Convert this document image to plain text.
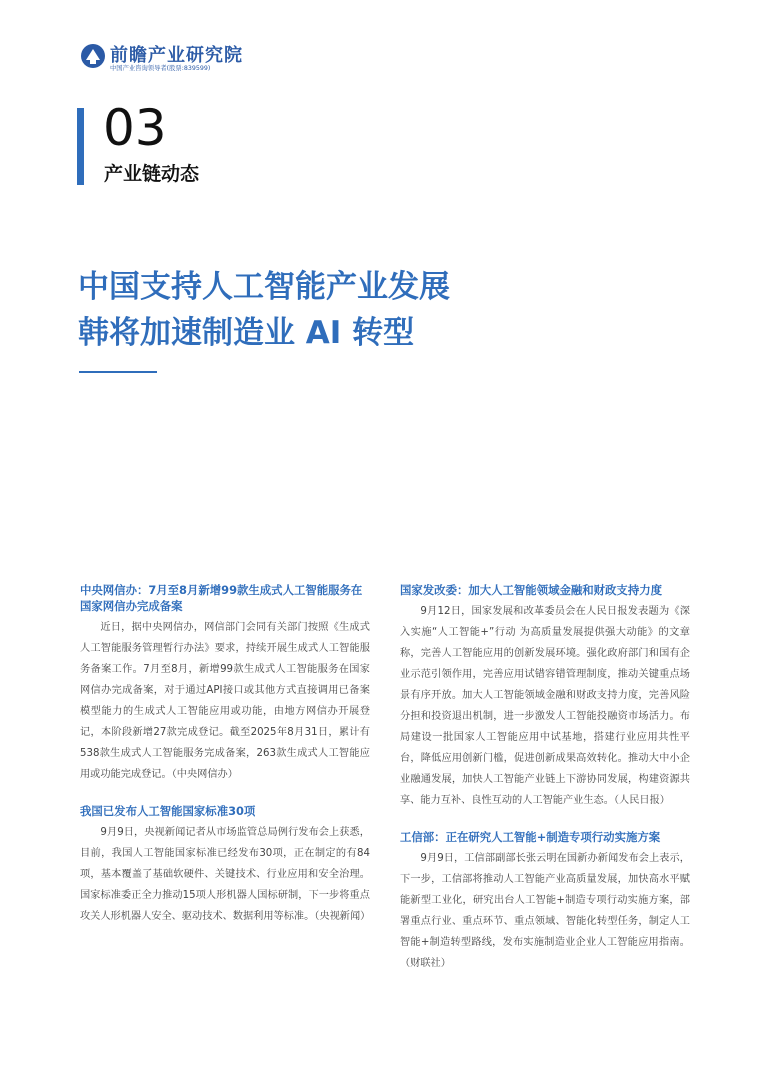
前瞻产业研究院
中国产业咨询领导者(股票:839599)
03
产业链动态
中国支持人工智能产业发展
韩将加速制造业 AI 转型
中央网信办：7月至8月新增99款生成式人工智能服务在国家网信办完成备案

近日，据中央网信办，网信部门会同有关部门按照《生成式人工智能服务管理暂行办法》要求，持续开展生成式人工智能服务备案工作。7月至8月，新增99款生成式人工智能服务在国家网信办完成备案，对于通过API接口或其他方式直接调用已备案模型能力的生成式人工智能应用或功能，由地方网信办开展登记，本阶段新增27款完成登记。截至2025年8月31日，累计有538款生成式人工智能服务完成备案，263款生成式人工智能应用或功能完成登记。（中央网信办）

我国已发布人工智能国家标准30项

9月9日，央视新闻记者从市场监管总局例行发布会上获悉，目前，我国人工智能国家标准已经发布30项，正在制定的有84项，基本覆盖了基础软硬件、关键技术、行业应用和安全治理。国家标准委正全力推动15项人形机器人国标研制，下一步将重点攻关人形机器人安全、驱动技术、数据利用等标准。（央视新闻）

国家发改委：加大人工智能领域金融和财政支持力度

9月12日，国家发展和改革委员会在人民日报发表题为《深入实施“人工智能+”行动 为高质量发展提供强大动能》的文章称，完善人工智能应用的创新发展环境。强化政府部门和国有企业示范引领作用，完善应用试错容错管理制度，推动关键重点场景有序开放。加大人工智能领域金融和财政支持力度，完善风险分担和投资退出机制，进一步激发人工智能投融资市场活力。布局建设一批国家人工智能应用中试基地，搭建行业应用共性平台，降低应用创新门槛，促进创新成果高效转化。推动大中小企业融通发展，加快人工智能产业链上下游协同发展，构建资源共享、能力互补、良性互动的人工智能产业生态。（人民日报）

工信部：正在研究人工智能+制造专项行动实施方案

9月9日，工信部副部长张云明在国新办新闻发布会上表示，下一步，工信部将推动人工智能产业高质量发展，加快高水平赋能新型工业化，研究出台人工智能+制造专项行动实施方案，部署重点行业、重点环节、重点领域、智能化转型任务，制定人工智能+制造转型路线，发布实施制造业企业人工智能应用指南。（财联社）
